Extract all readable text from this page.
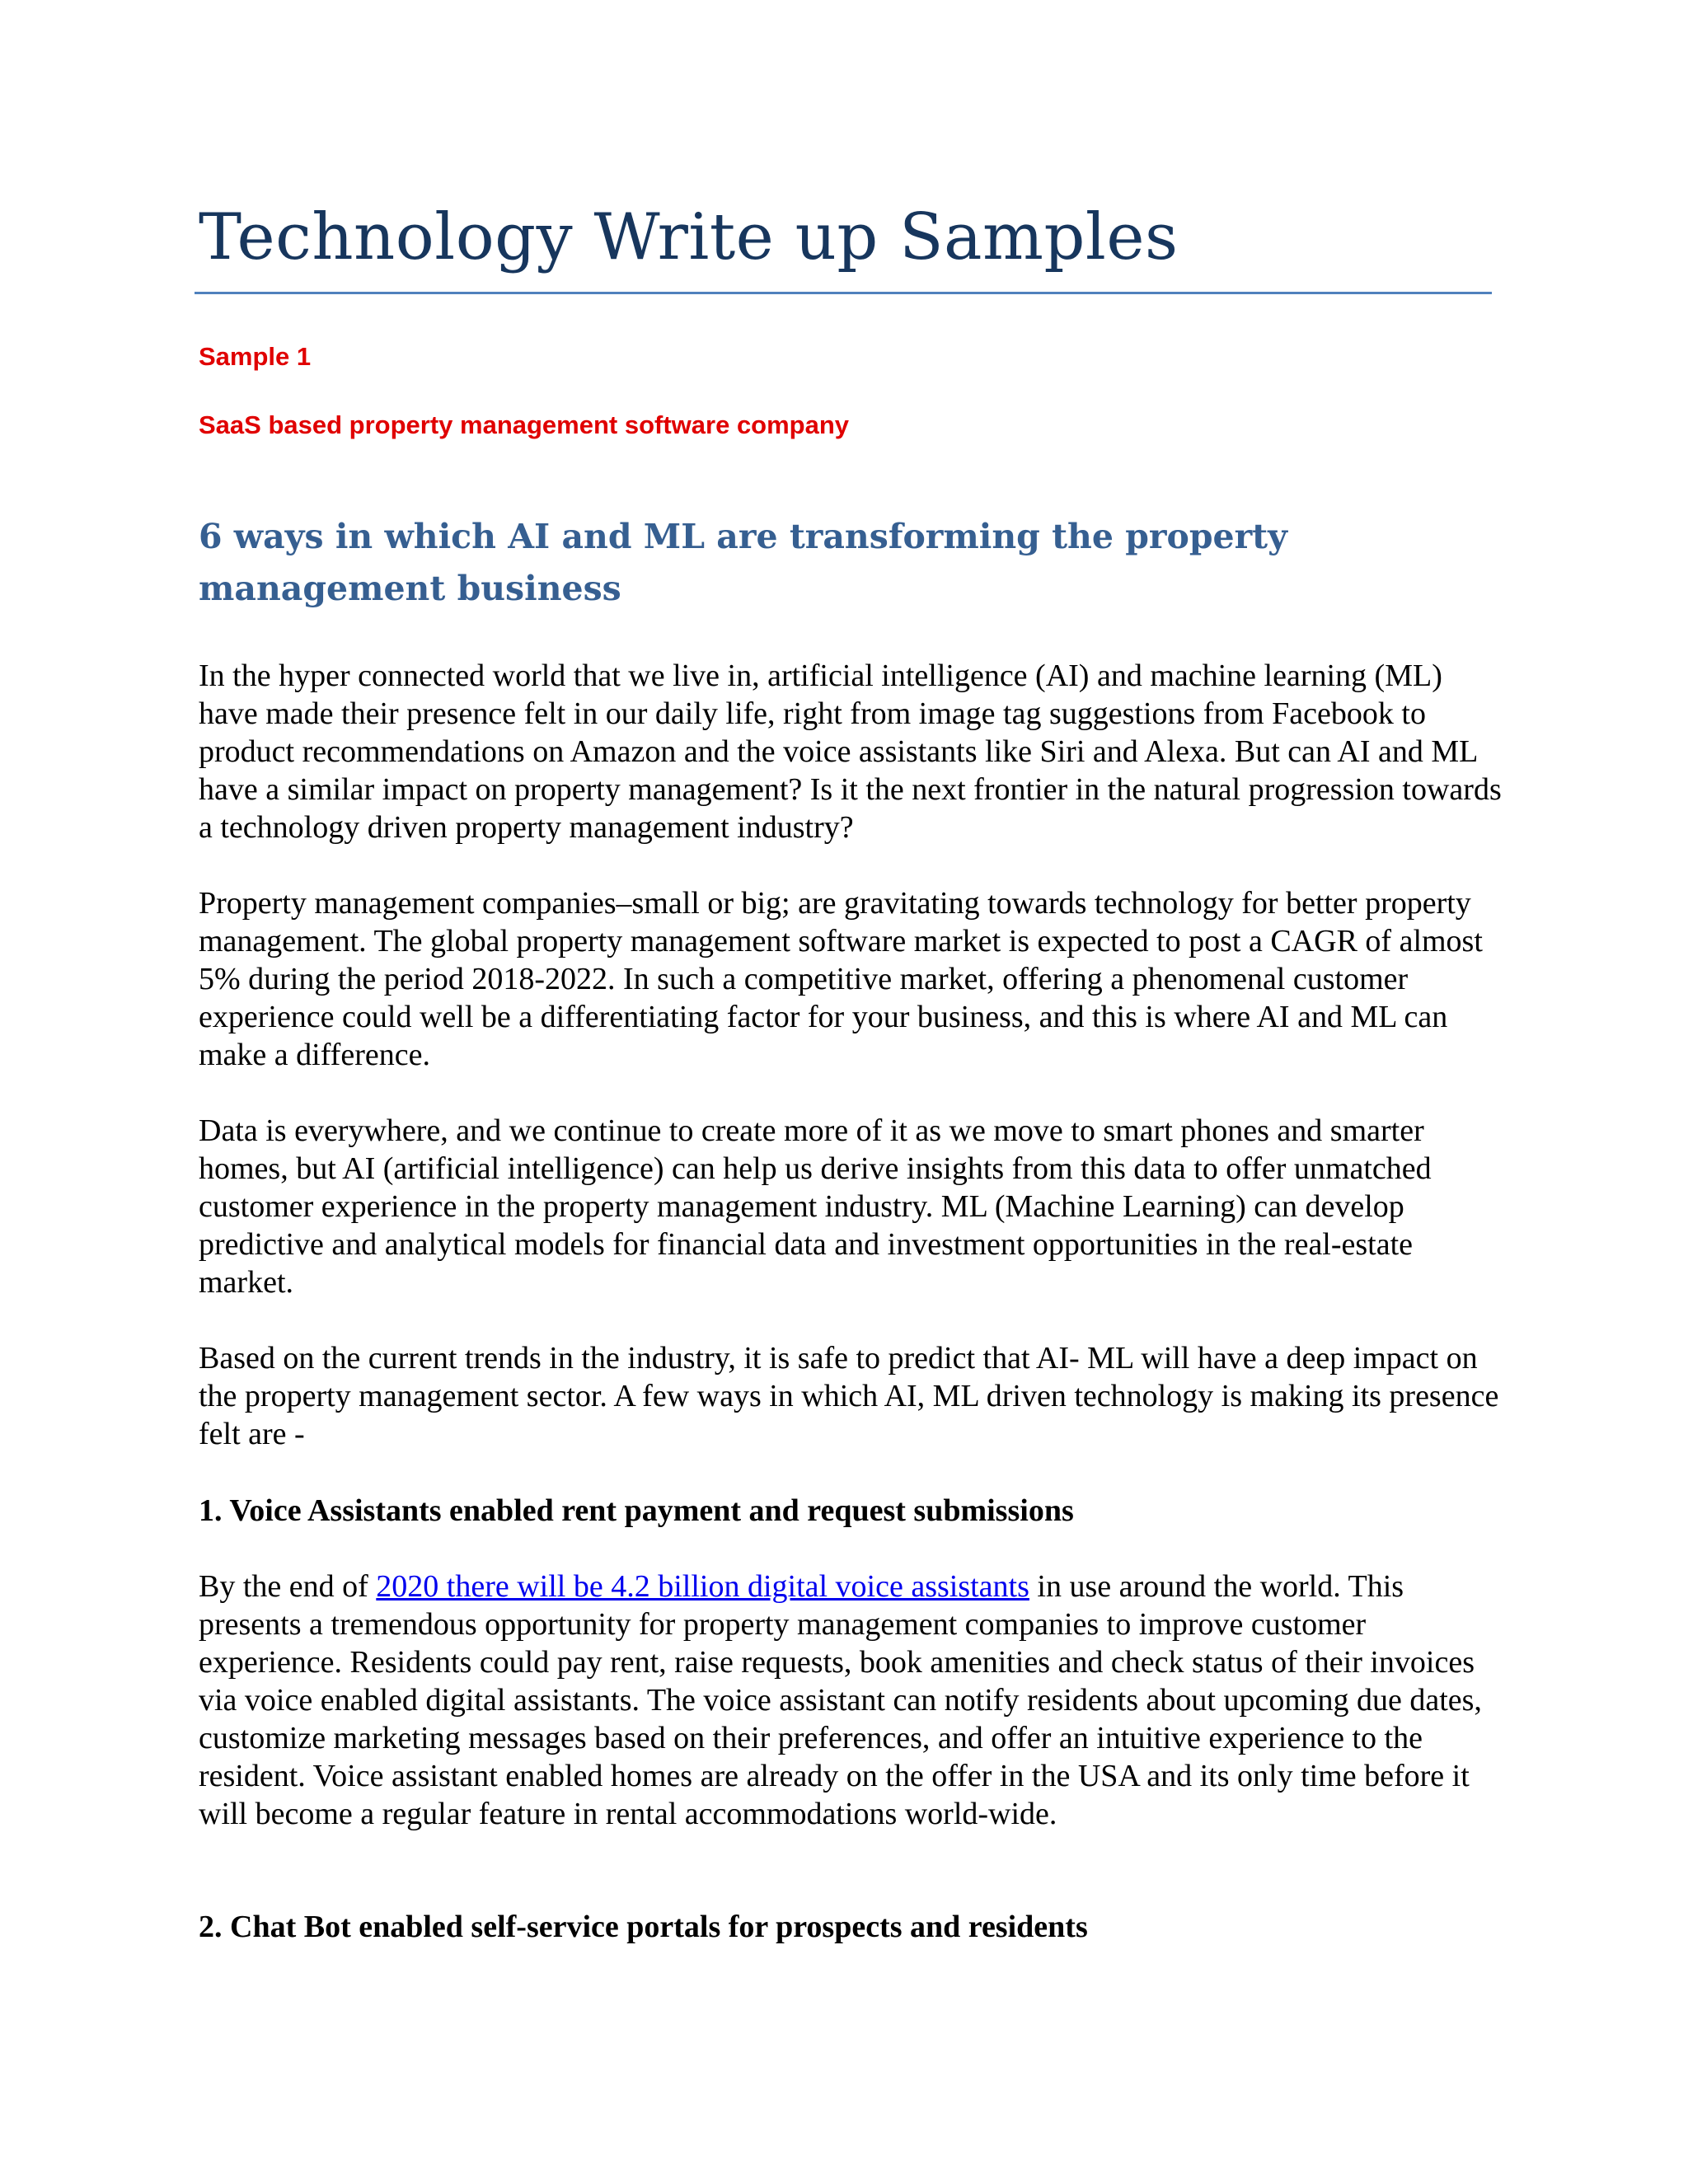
Technology Write up Samples
Sample 1
SaaS based property management software company
6 ways in which AI and ML are transforming the property management business

In the hyper connected world that we live in, artificial intelligence (AI) and machine learning (ML) have made their presence felt in our daily life, right from image tag suggestions from Facebook to product recommendations on Amazon and the voice assistants like Siri and Alexa. But can AI and ML have a similar impact on property management? Is it the next frontier in the natural progression towards a technology driven property management industry?

Property management companies–small or big; are gravitating towards technology for better property management. The global property management software market is expected to post a CAGR of almost 5% during the period 2018-2022. In such a competitive market, offering a phenomenal customer experience could well be a differentiating factor for your business, and this is where AI and ML can make a difference.

Data is everywhere, and we continue to create more of it as we move to smart phones and smarter homes, but AI (artificial intelligence) can help us derive insights from this data to offer unmatched customer experience in the property management industry. ML (Machine Learning) can develop predictive and analytical models for financial data and investment opportunities in the real-estate market.

Based on the current trends in the industry, it is safe to predict that AI- ML will have a deep impact on the property management sector. A few ways in which AI, ML driven technology is making its presence felt are -

1. Voice Assistants enabled rent payment and request submissions

By the end of 2020 there will be 4.2 billion digital voice assistants in use around the world. This presents a tremendous opportunity for property management companies to improve customer experience. Residents could pay rent, raise requests, book amenities and check status of their invoices via voice enabled digital assistants. The voice assistant can notify residents about upcoming due dates, customize marketing messages based on their preferences, and offer an intuitive experience to the resident. Voice assistant enabled homes are already on the offer in the USA and its only time before it will become a regular feature in rental accommodations world-wide.

2. Chat Bot enabled self-service portals for prospects and residents
